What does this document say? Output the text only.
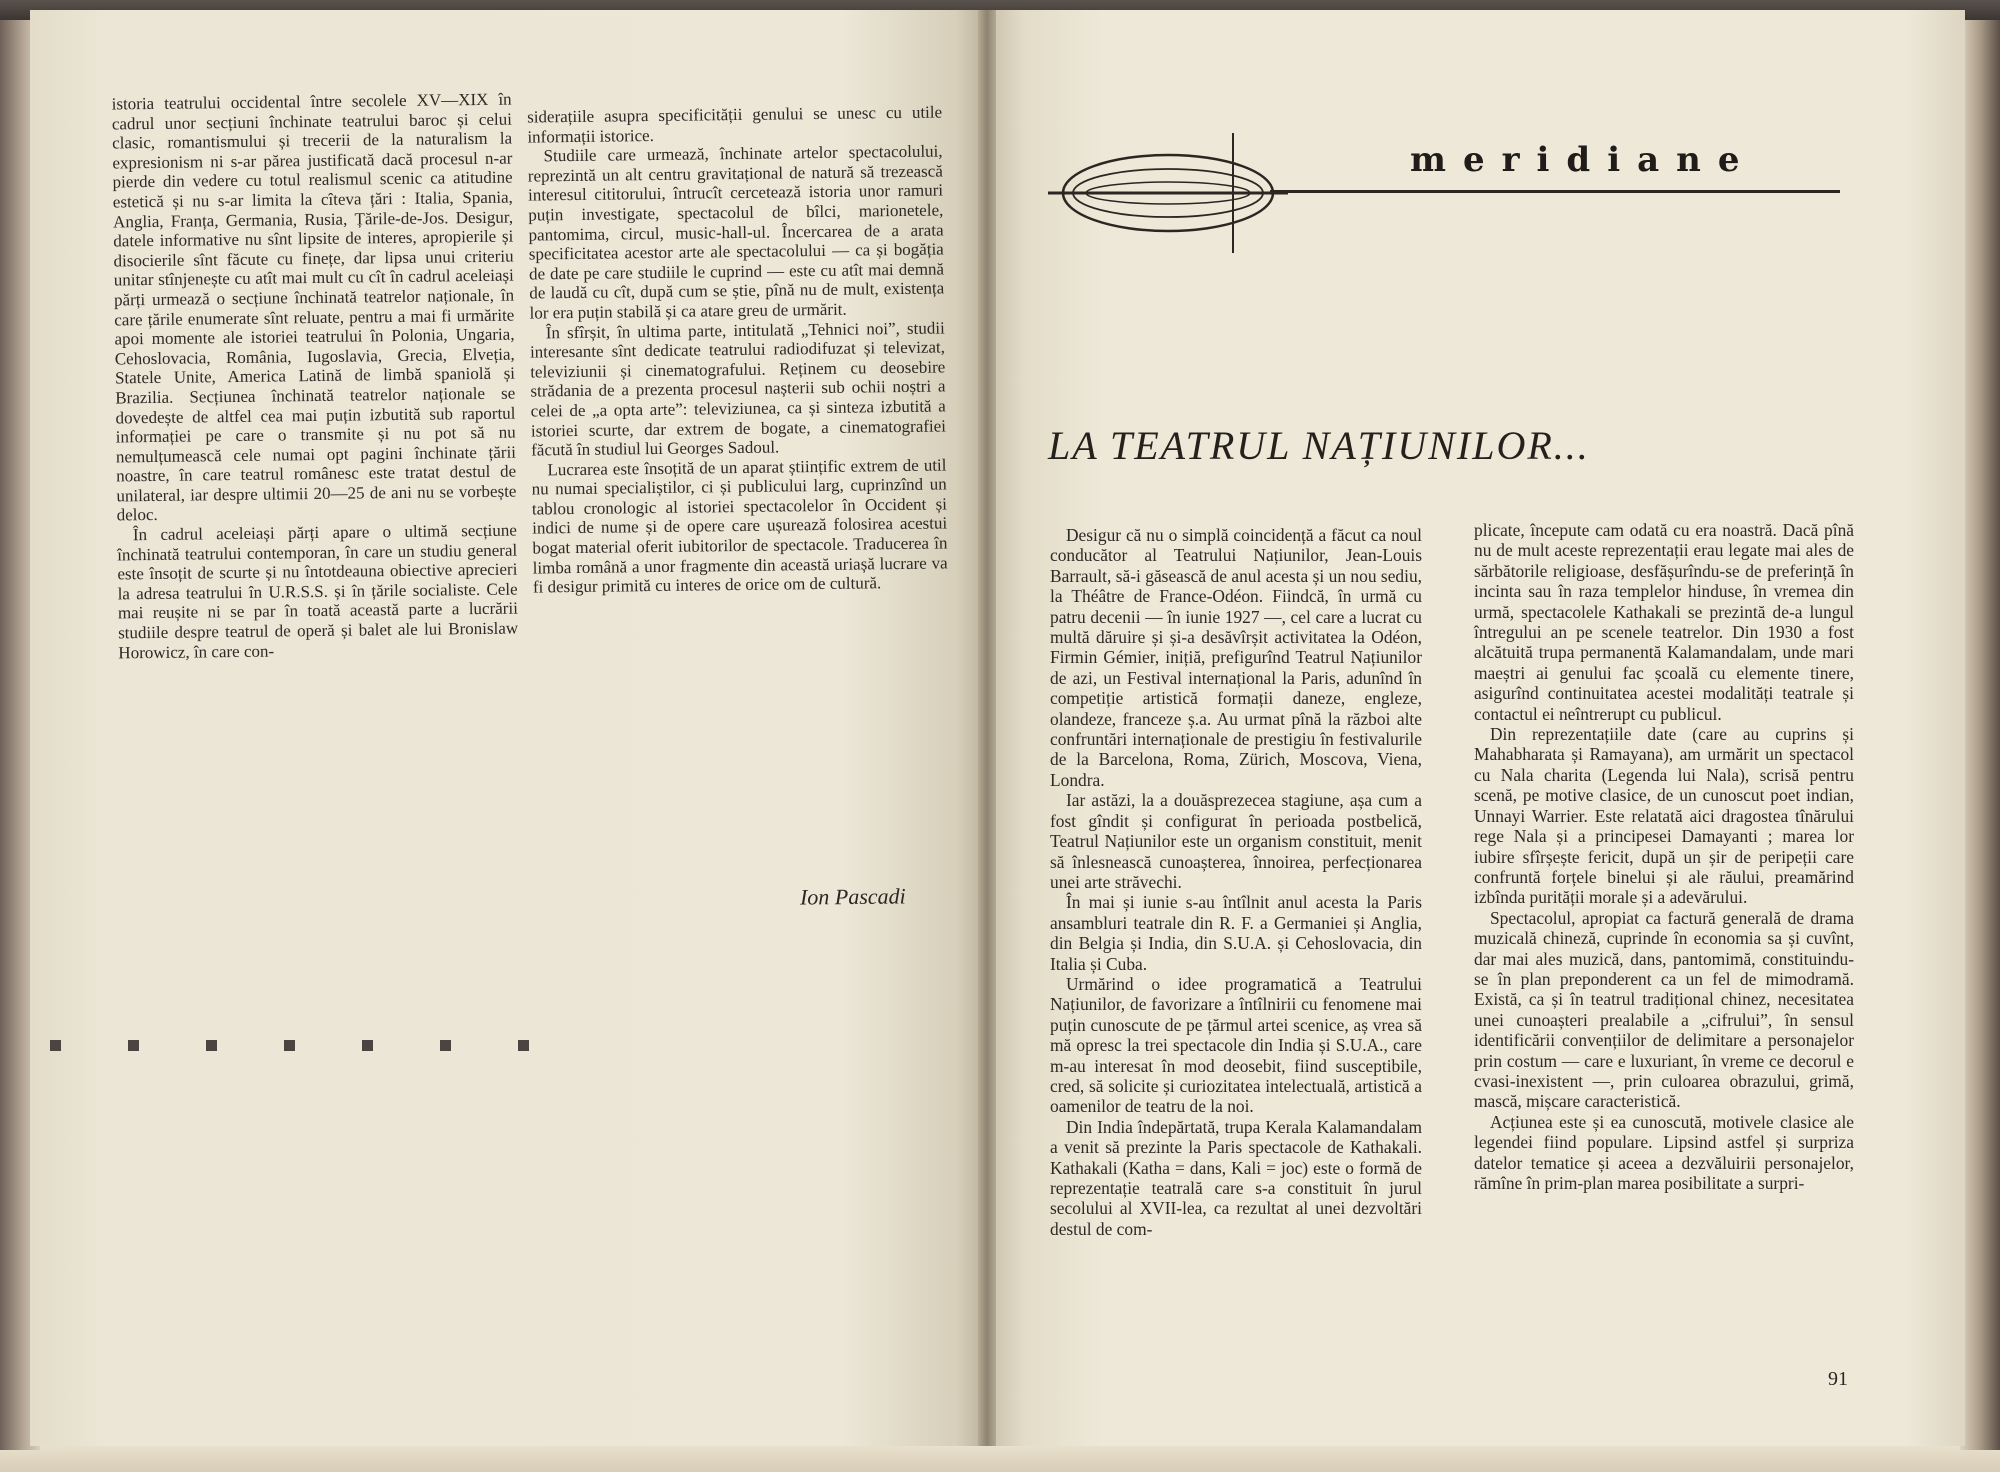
istoria teatrului occidental între secolele XV—XIX în cadrul unor secțiuni închinate teatrului baroc și celui clasic, romantismului și trecerii de la naturalism la expresionism ni s-ar părea justificată dacă procesul n-ar pierde din vedere cu totul realismul scenic ca atitudine estetică și nu s-ar limita la cîteva țări : Italia, Spania, Anglia, Franța, Germania, Rusia, Țările-de-Jos. Desigur, datele informative nu sînt lipsite de interes, apropierile și disocierile sînt făcute cu finețe, dar lipsa unui criteriu unitar stînjenește cu atît mai mult cu cît în cadrul aceleiași părți urmează o secțiune închinată teatrelor naționale, în care țările enumerate sînt reluate, pentru a mai fi urmărite apoi momente ale istoriei teatrului în Polonia, Ungaria, Cehoslovacia, România, Iugoslavia, Grecia, Elveția, Statele Unite, America Latină de limbă spaniolă și Brazilia. Secțiunea închinată teatrelor naționale se dovedește de altfel cea mai puțin izbutită sub raportul informației pe care o transmite și nu pot să nu nemulțumească cele numai opt pagini închinate țării noastre, în care teatrul românesc este tratat destul de unilateral, iar despre ultimii 20—25 de ani nu se vorbește deloc.

În cadrul aceleiași părți apare o ultimă secțiune închinată teatrului contemporan, în care un studiu general este însoțit de scurte și nu întotdeauna obiective aprecieri la adresa teatrului în U.R.S.S. și în țările socialiste. Cele mai reușite ni se par în toată această parte a lucrării studiile despre teatrul de operă și balet ale lui Bronislaw Horowicz, în care con-

siderațiile asupra specificității genului se unesc cu utile informații istorice.

Studiile care urmează, închinate artelor spectacolului, reprezintă un alt centru gravitațional de natură să trezească interesul cititorului, întrucît cercetează istoria unor ramuri puțin investigate, spectacolul de bîlci, marionetele, pantomima, circul, music-hall-ul. Încercarea de a arata specificitatea acestor arte ale spectacolului — ca și bogăția de date pe care studiile le cuprind — este cu atît mai demnă de laudă cu cît, după cum se știe, pînă nu de mult, existența lor era puțin stabilă și ca atare greu de urmărit.

În sfîrșit, în ultima parte, intitulată „Tehnici noi”, studii interesante sînt dedicate teatrului radiodifuzat și televizat, televiziunii și cinematografului. Reținem cu deosebire strădania de a prezenta procesul nașterii sub ochii noștri a celei de „a opta arte”: televiziunea, ca și sinteza izbutită a istoriei scurte, dar extrem de bogate, a cinematografiei făcută în studiul lui Georges Sadoul.

Lucrarea este însoțită de un aparat științific extrem de util nu numai specialiștilor, ci și publicului larg, cuprinzînd un tablou cronologic al istoriei spectacolelor în Occident și indici de nume și de opere care ușurează folosirea acestui bogat material oferit iubitorilor de spectacole. Traducerea în limba română a unor fragmente din această uriașă lucrare va fi desigur primită cu interes de orice om de cultură.

Ion Pascadi
meridiane
LA TEATRUL NAȚIUNILOR...

Desigur că nu o simplă coincidență a făcut ca noul conducător al Teatrului Națiunilor, Jean-Louis Barrault, să-i găsească de anul acesta și un nou sediu, la Théâtre de France-Odéon. Fiindcă, în urmă cu patru decenii — în iunie 1927 —, cel care a lucrat cu multă dăruire și și-a desăvîrșit activitatea la Odéon, Firmin Gémier, inițiă, prefigurînd Teatrul Națiunilor de azi, un Festival internațional la Paris, adunînd în competiție artistică formații daneze, engleze, olandeze, franceze ș.a. Au urmat pînă la război alte confruntări internaționale de prestigiu în festivalurile de la Barcelona, Roma, Zürich, Moscova, Viena, Londra.

Iar astăzi, la a douăsprezecea stagiune, așa cum a fost gîndit și configurat în perioada postbelică, Teatrul Națiunilor este un organism constituit, menit să înlesnească cunoașterea, înnoirea, perfecționarea unei arte străvechi.

În mai și iunie s-au întîlnit anul acesta la Paris ansambluri teatrale din R. F. a Germaniei și Anglia, din Belgia și India, din S.U.A. și Cehoslovacia, din Italia și Cuba.

Urmărind o idee programatică a Teatrului Națiunilor, de favorizare a întîlnirii cu fenomene mai puțin cunoscute de pe țărmul artei scenice, aș vrea să mă opresc la trei spectacole din India și S.U.A., care m-au interesat în mod deosebit, fiind susceptibile, cred, să solicite și curiozitatea intelectuală, artistică a oamenilor de teatru de la noi.

Din India îndepărtată, trupa Kerala Kalamandalam a venit să prezinte la Paris spectacole de Kathakali. Kathakali (Katha = dans, Kali = joc) este o formă de reprezentație teatrală care s-a constituit în jurul secolului al XVII-lea, ca rezultat al unei dezvoltări destul de com-

plicate, începute cam odată cu era noastră. Dacă pînă nu de mult aceste reprezentații erau legate mai ales de sărbătorile religioase, desfășurîndu-se de preferință în incinta sau în raza templelor hinduse, în vremea din urmă, spectacolele Kathakali se prezintă de-a lungul întregului an pe scenele teatrelor. Din 1930 a fost alcătuită trupa permanentă Kalamandalam, unde mari maeștri ai genului fac școală cu elemente tinere, asigurînd continuitatea acestei modalități teatrale și contactul ei neîntrerupt cu publicul.

Din reprezentațiile date (care au cuprins și Mahabharata și Ramayana), am urmărit un spectacol cu Nala charita (Legenda lui Nala), scrisă pentru scenă, pe motive clasice, de un cunoscut poet indian, Unnayi Warrier. Este relatată aici dragostea tînărului rege Nala și a principesei Damayanti ; marea lor iubire sfîrșește fericit, după un șir de peripeții care confruntă forțele binelui și ale răului, preamărind izbînda purității morale și a adevărului.

Spectacolul, apropiat ca factură generală de drama muzicală chineză, cuprinde în economia sa și cuvînt, dar mai ales muzică, dans, pantomimă, constituindu-se în plan preponderent ca un fel de mimodramă. Există, ca și în teatrul tradițional chinez, necesitatea unei cunoașteri prealabile a „cifrului”, în sensul identificării convențiilor de delimitare a personajelor prin costum — care e luxuriant, în vreme ce decorul e cvasi-inexistent —, prin culoarea obrazului, grimă, mască, mișcare caracteristică.

Acțiunea este și ea cunoscută, motivele clasice ale legendei fiind populare. Lipsind astfel și surpriza datelor tematice și aceea a dezvăluirii personajelor, rămîne în prim-plan marea posibilitate a surpri-

91
